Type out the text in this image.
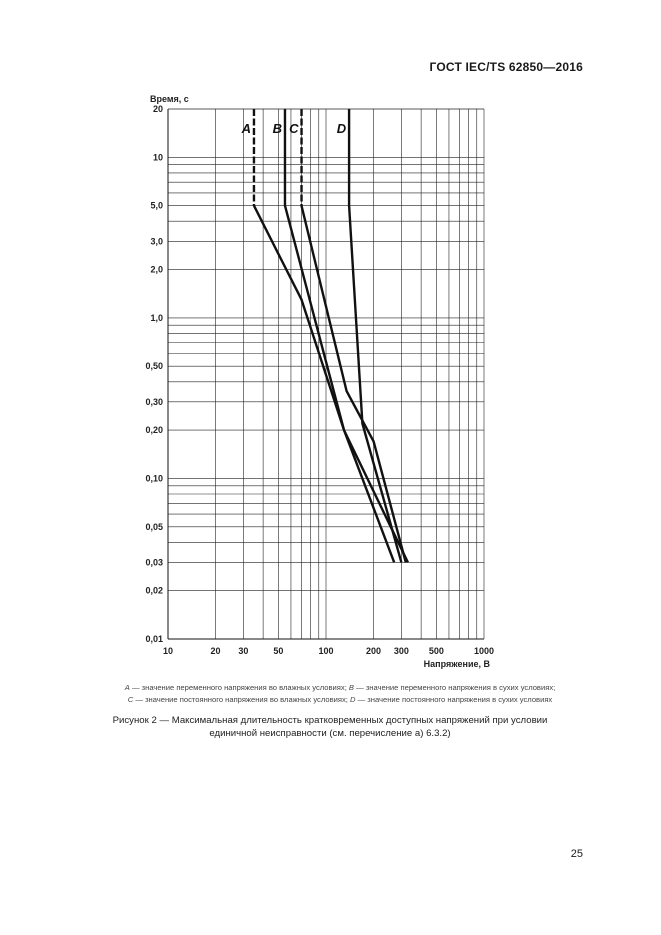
ГОСТ IEC/TS 62850—2016
20
10
5,0
3,0
2,0
1,0
0,50
0,30
0,20
0,10
0,05
0,03
0,02
0,01
10	20 30	50	100	200 300 500	1000
Время, с
Напряжение, В
A B C	D
A — значение переменного напряжения во влажных условиях; B — значение переменного напряжения в сухих условиях;
C — значение постоянного напряжения во влажных условиях; D — значение постоянного напряжения в сухих условиях
Рисунок 2 — Максимальная длительность кратковременных доступных напряжений при условии единичной неисправности (см. перечисление а) 6.3.2)
25
